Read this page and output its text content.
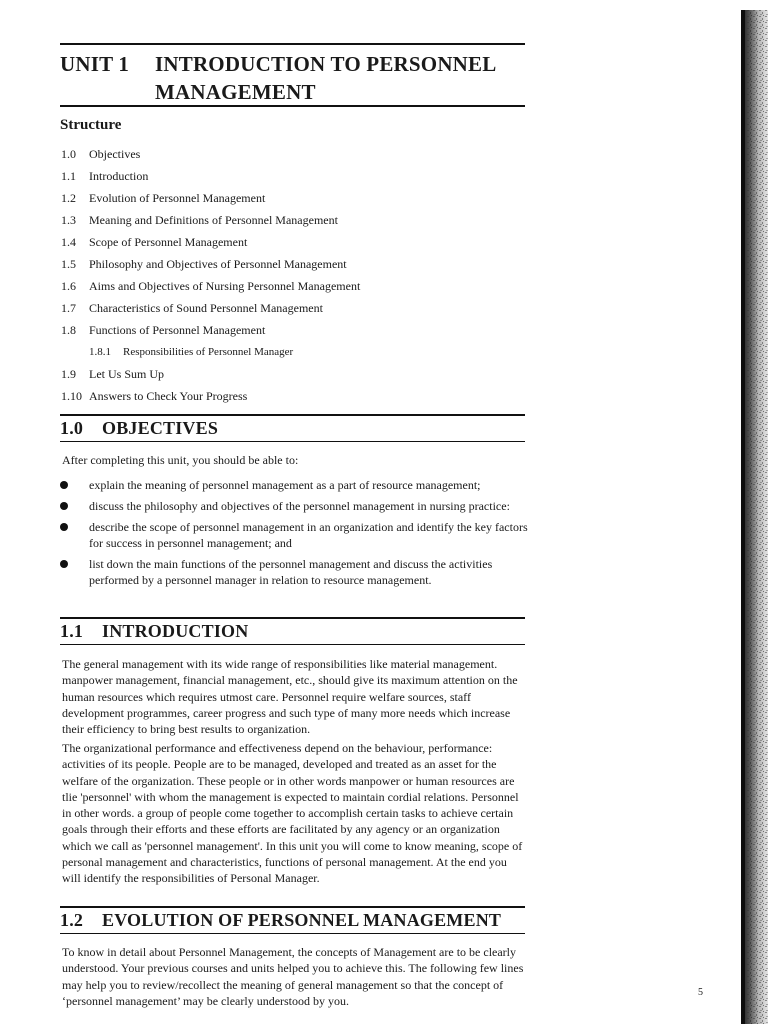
UNIT 1 INTRODUCTION TO PERSONNEL
MANAGEMENT
Structure
1.0 Objectives
1.1 Introduction
1.2 Evolution of Personnel Management
1.3 Meaning and Definitions of Personnel Management
1.4 Scope of Personnel Management
1.5 Philosophy and Objectives of Personnel Management
1.6 Aims and Objectives of Nursing Personnel Management
1.7 Characteristics of Sound Personnel Management
1.8 Functions of Personnel Management
1.8.1 Responsibilities of Personnel Manager
1.9 Let Us Sum Up
1.10 Answers to Check Your Progress
1.0 OBJECTIVES
After completing this unit, you should be able to:
explain the meaning of personnel management as a part of resource management;
discuss the philosophy and objectives of the personnel management in nursing practice:
describe the scope of personnel management in an organization and identify the key factors for success in personnel management; and
list down the main functions of the personnel management and discuss the activities performed by a personnel manager in relation to resource management.
1.1 INTRODUCTION
The general management with its wide range of responsibilities like material management. manpower management, financial management, etc., should give its maximum attention on the human resources which requires utmost care. Personnel require welfare sources, staff development programmes, career progress and such type of many more needs which increase their efficiency to bring best results to organization.
The organizational performance and effectiveness depend on the behaviour, performance: activities of its people. People are to be managed, developed and treated as an asset for the welfare of the organization. These people or in other words manpower or human resources are tlie 'personnel' with whom the management is expected to maintain cordial relations. Personnel in other words. a group of people come together to accomplish certain tasks to achieve certain goals through their efforts and these efforts are facilitated by any agency or an organization which we call as 'personnel management'. In this unit you will come to know meaning, scope of personal management and characteristics, functions of personal management. At the end you will identify the responsibilities of Personal Manager.
1.2 EVOLUTION OF PERSONNEL MANAGEMENT
To know in detail about Personnel Management, the concepts of Management are to be clearly understood. Your previous courses and units helped you to achieve this. The following few lines may help you to review/recollect the meaning of general management so that the concept of ‘personnel management’ may be clearly understood by you.
5
